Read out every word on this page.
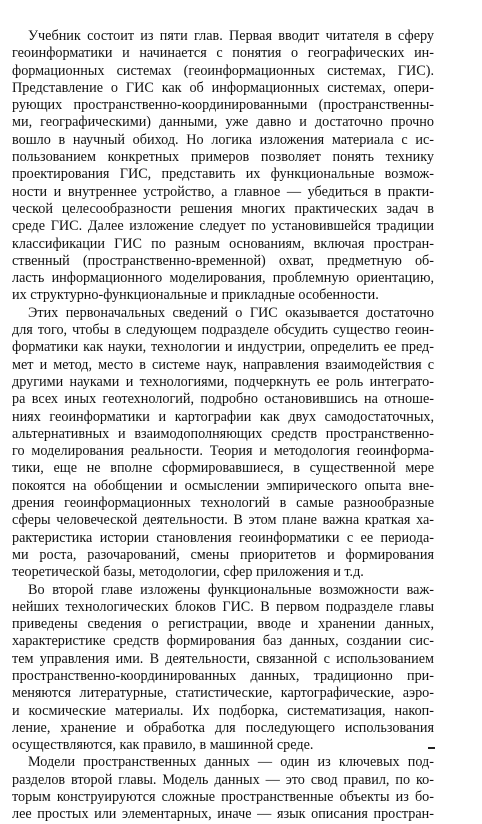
Учебник состоит из пяти глав. Первая вводит читателя в сферу
геоинформатики и начинается с понятия о географических ин-
формационных системах (геоинформационных системах, ГИС).
Представление о ГИС как об информационных системах, опери-
рующих пространственно-координированными (пространственны-
ми, географическими) данными, уже давно и достаточно прочно
вошло в научный обиход. Но логика изложения материала с ис-
пользованием конкретных примеров позволяет понять технику
проектирования ГИС, представить их функциональные возмож-
ности и внутреннее устройство, а главное — убедиться в практи-
ческой целесообразности решения многих практических задач в
среде ГИС. Далее изложение следует по установившейся традиции
классификации ГИС по разным основаниям, включая простран-
ственный (пространственно-временной) охват, предметную об-
ласть информационного моделирования, проблемную ориентацию,
их структурно-функциональные и прикладные особенности.
Этих первоначальных сведений о ГИС оказывается достаточно
для того, чтобы в следующем подразделе обсудить существо геоин-
форматики как науки, технологии и индустрии, определить ее пред-
мет и метод, место в системе наук, направления взаимодействия с
другими науками и технологиями, подчеркнуть ее роль интеграто-
ра всех иных геотехнологий, подробно остановившись на отноше-
ниях геоинформатики и картографии как двух самодостаточных,
альтернативных и взаимодополняющих средств пространственно-
го моделирования реальности. Теория и методология геоинформа-
тики, еще не вполне сформировавшиеся, в существенной мере
покоятся на обобщении и осмыслении эмпирического опыта вне-
дрения геоинформационных технологий в самые разнообразные
сферы человеческой деятельности. В этом плане важна краткая ха-
рактеристика истории становления геоинформатики с ее периода-
ми роста, разочарований, смены приоритетов и формирования
теоретической базы, методологии, сфер приложения и т.д.
Во второй главе изложены функциональные возможности важ-
нейших технологических блоков ГИС. В первом подразделе главы
приведены сведения о регистрации, вводе и хранении данных,
характеристике средств формирования баз данных, создании сис-
тем управления ими. В деятельности, связанной с использованием
пространственно-координированных данных, традиционно при-
меняются литературные, статистические, картографические, аэро-
и космические материалы. Их подборка, систематизация, накоп-
ление, хранение и обработка для последующего использования
осуществляются, как правило, в машинной среде.
Модели пространственных данных — один из ключевых под-
разделов второй главы. Модель данных — это свод правил, по ко-
торым конструируются сложные пространственные объекты из бо-
лее простых или элементарных, иначе — язык описания простран-
